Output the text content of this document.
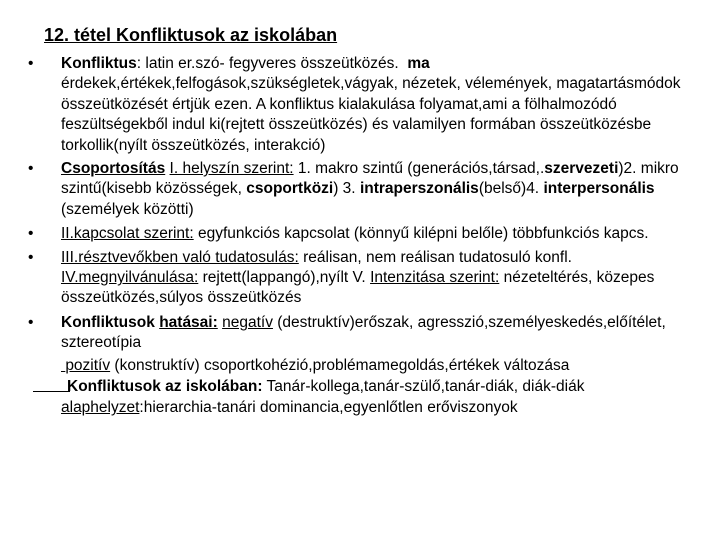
12. tétel Konfliktusok az iskolában
•	Konfliktus: latin er.szó- fegyveres összeütközés. ma érdekek,értékek,felfogások,szükségletek,vágyak, nézetek, vélemények, magatartásmódok összeütközését értjük ezen. A konfliktus kialakulása folyamat,ami a fölhalmozódó feszültségekből indul ki(rejtett összeütközés) és valamilyen formában összeütközésbe torkollik(nyílt összeütközés, interakció)
•	Csoportosítás I. helyszín szerint: 1. makro szintű (generációs,társad,.szervezeti)2. mikro szintű(kisebb közösségek, csoportközi) 3. intraperszonális(belső)4. interpersonális (személyek közötti)
•	II.kapcsolat szerint: egyfunkciós kapcsolat (könnyű kilépni belőle) többfunkciós kapcs.
•	III.résztvevőkben való tudatosulás: reálisan, nem reálisan tudatosuló konfl. IV.megnyilvánulása: rejtett(lappangó),nyílt V. Intenzitása szerint: nézeteltérés, közepes összeütközés,súlyos összeütközés
•	Konfliktusok hatásai: negatív (destruktív)erőszak, agresszió,személyeskedés,előítélet, sztereotípia
pozitív (konstruktív) csoportkohézió,problémamegoldás,értékek változása
Konfliktusok az iskolában: Tanár-kollega,tanár-szülő,tanár-diák, diák-diák
alaphelyzet:hierarchia-tanári dominancia,egyenlőtlen erőviszonyok
